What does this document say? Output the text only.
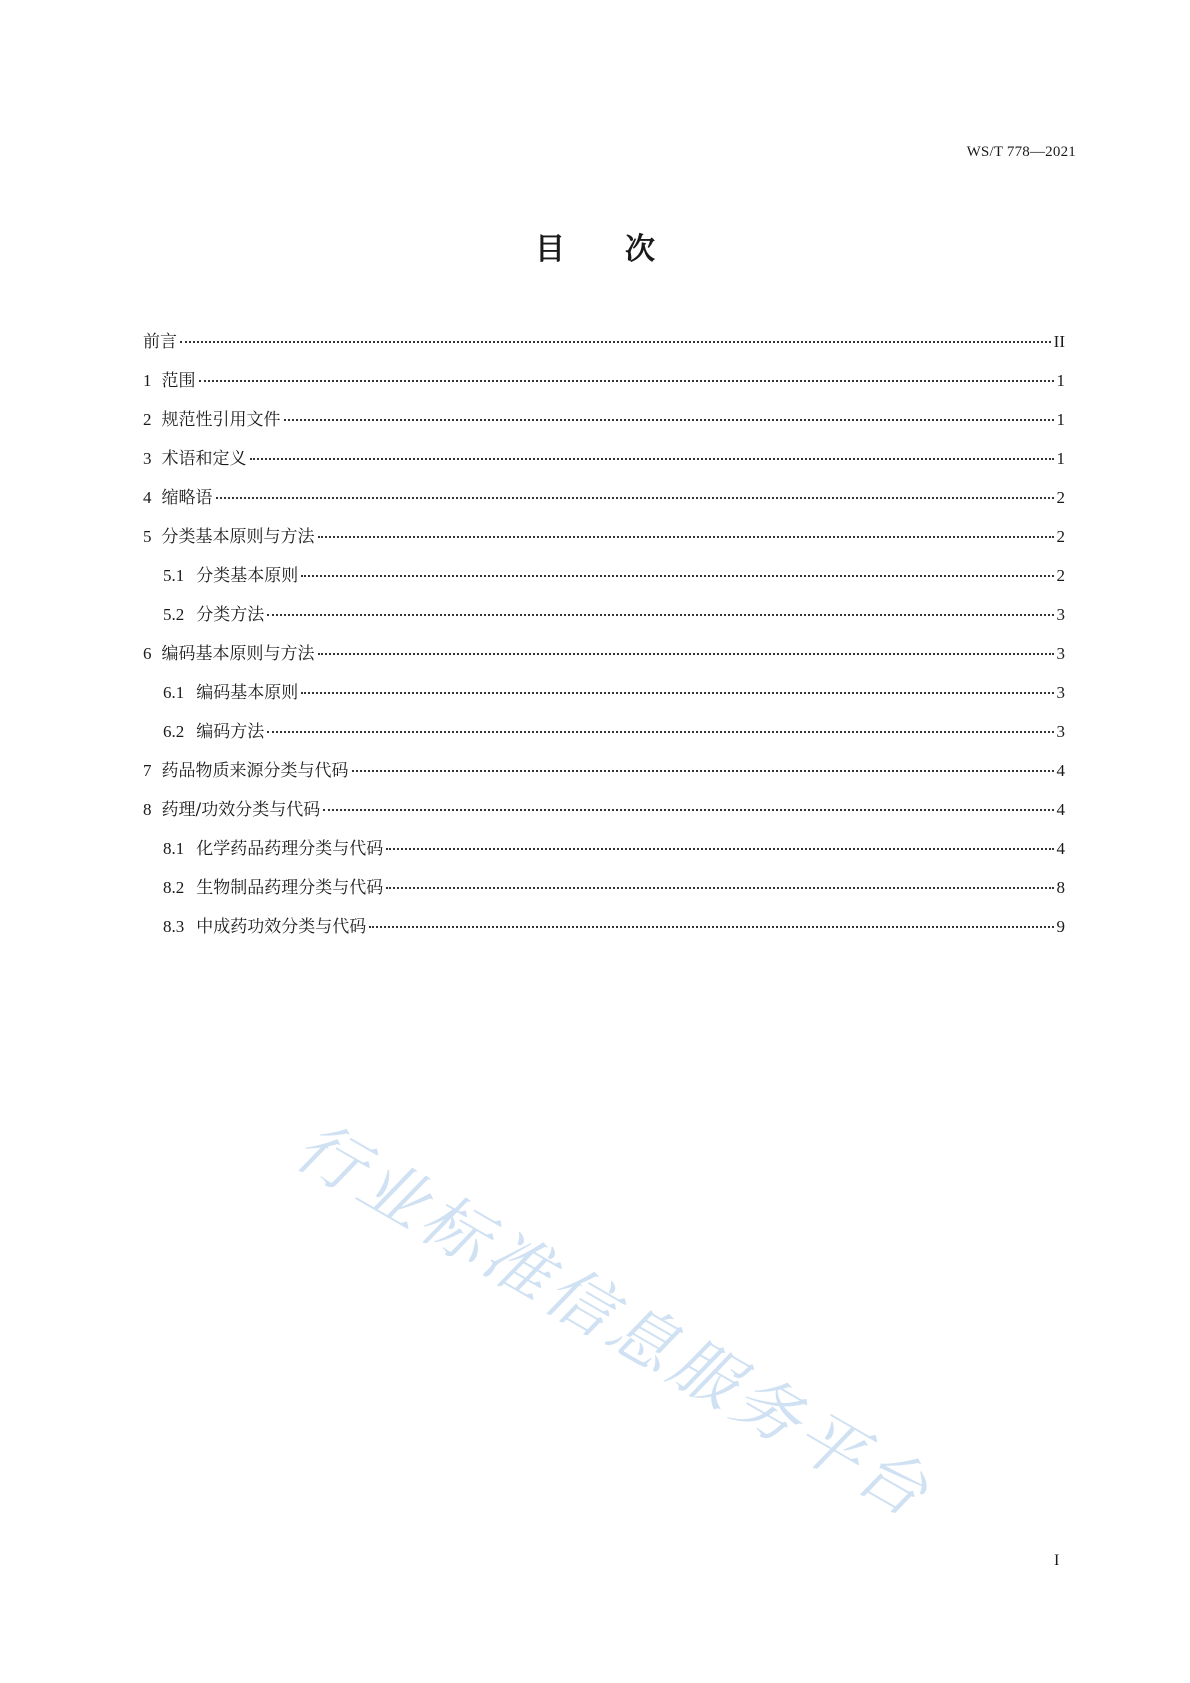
WS/T 778—2021
目 次
前言	II
1 范围	1
2 规范性引用文件	1
3 术语和定义	1
4 缩略语	2
5 分类基本原则与方法	2
5.1 分类基本原则	2
5.2 分类方法	3
6 编码基本原则与方法	3
6.1 编码基本原则	3
6.2 编码方法	3
7 药品物质来源分类与代码	4
8 药理/功效分类与代码	4
8.1 化学药品药理分类与代码	4
8.2 生物制品药理分类与代码	8
8.3 中成药功效分类与代码	9
行业标准信息服务平台
I
